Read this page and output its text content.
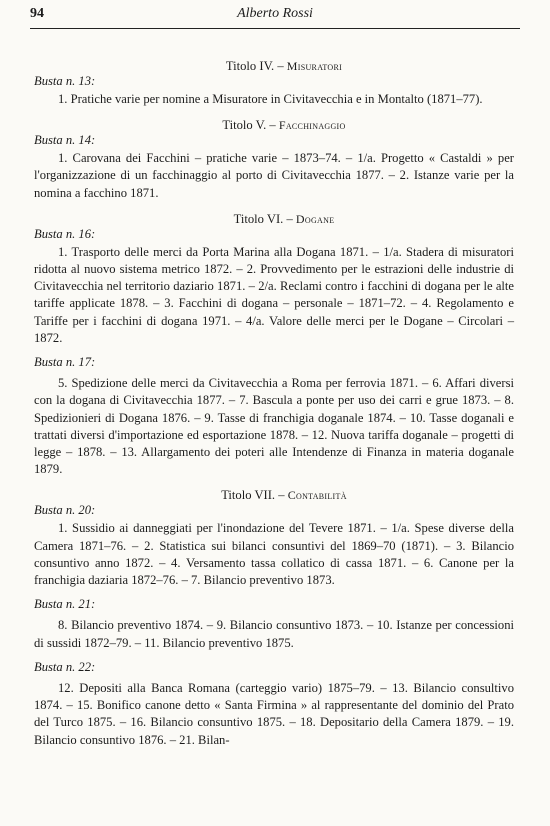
94	Alberto Rossi
Titolo IV. – Misuratori
Busta n. 13:

1. Pratiche varie per nomine a Misuratore in Civitavecchia e in Montalto (1871–77).

Titolo V. – Facchinaggio
Busta n. 14:

1. Carovana dei Facchini – pratiche varie – 1873–74. – 1/a. Progetto « Castaldi » per l'organizzazione di un facchinaggio al porto di Civitavecchia 1877. – 2. Istanze varie per la nomina a facchino 1871.

Titolo VI. – Dogane
Busta n. 16:

1. Trasporto delle merci da Porta Marina alla Dogana 1871. – 1/a. Stadera di misuratori ridotta al nuovo sistema metrico 1872. – 2. Provvedimento per le estrazioni delle industrie di Civitavecchia nel territorio daziario 1871. – 2/a. Reclami contro i facchini di dogana per le alte tariffe applicate 1878. – 3. Facchini di dogana – personale – 1871–72. – 4. Regolamento e Tariffe per i facchini di dogana 1971. – 4/a. Valore delle merci per le Dogane – Circolari – 1872.

Busta n. 17:

5. Spedizione delle merci da Civitavecchia a Roma per ferrovia 1871. – 6. Affari diversi con la dogana di Civitavecchia 1877. – 7. Bascula a ponte per uso dei carri e grue 1873. – 8. Spedizionieri di Dogana 1876. – 9. Tasse di franchigia doganale 1874. – 10. Tasse doganali e trattati diversi d'importazione ed esportazione 1878. – 12. Nuova tariffa doganale – progetti di legge – 1878. – 13. Allargamento dei poteri alle Intendenze di Finanza in materia doganale 1879.

Titolo VII. – Contabilità
Busta n. 20:

1. Sussidio ai danneggiati per l'inondazione del Tevere 1871. – 1/a. Spese diverse della Camera 1871–76. – 2. Statistica sui bilanci consuntivi del 1869–70 (1871). – 3. Bilancio consuntivo anno 1872. – 4. Versamento tassa collatico di cassa 1871. – 6. Canone per la franchigia daziaria 1872–76. – 7. Bilancio preventivo 1873.

Busta n. 21:

8. Bilancio preventivo 1874. – 9. Bilancio consuntivo 1873. – 10. Istanze per concessioni di sussidi 1872–79. – 11. Bilancio preventivo 1875.

Busta n. 22:

12. Depositi alla Banca Romana (carteggio vario) 1875–79. – 13. Bilancio consultivo 1874. – 15. Bonifico canone detto « Santa Firmina » al rappresentante del dominio del Prato del Turco 1875. – 16. Bilancio consuntivo 1875. – 18. Depositario della Camera 1879. – 19. Bilancio consuntivo 1876. – 21. Bilan-
